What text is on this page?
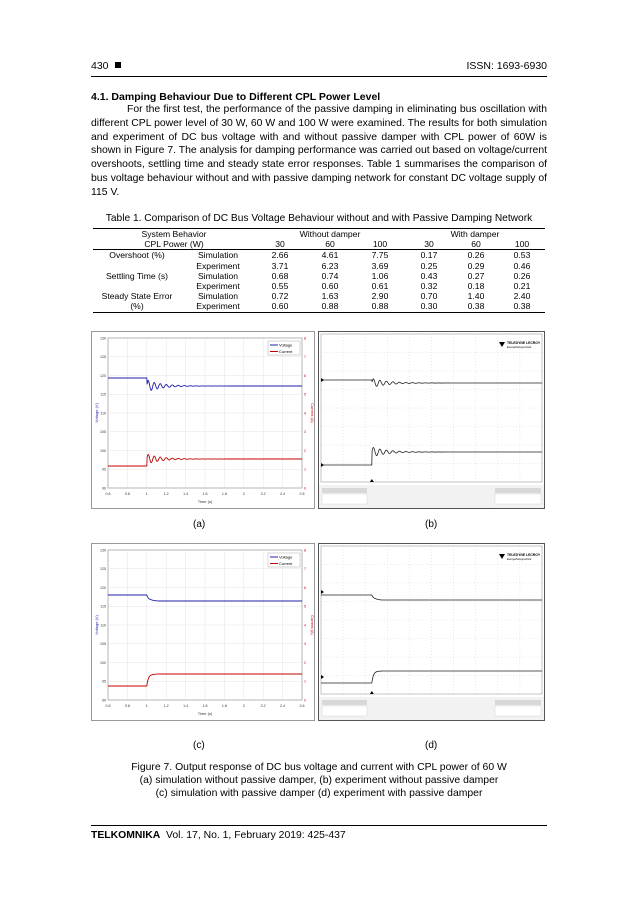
430	ISSN: 1693-6930
4.1. Damping Behaviour Due to Different CPL Power Level
For the first test, the performance of the passive damping in eliminating bus oscillation with different CPL power level of 30 W, 60 W and 100 W were examined. The results for both simulation and experiment of DC bus voltage with and without passive damper with CPL power of 60W is shown in Figure 7. The analysis for damping performance was carried out based on voltage/current overshoots, settling time and steady state error responses. Table 1 summarises the comparison of bus voltage behaviour without and with passive damping network for constant DC voltage supply of 115 V.
Table 1. Comparison of DC Bus Voltage Behaviour without and with Passive Damping Network
System Behavior		Without damper			With damper		
CPL Power (W)		30	60	100	30	60	100
Overshoot (%)	Simulation	2.66	4.61	7.75	0.17	0.26	0.53
	Experiment	3.71	6.23	3.69	0.25	0.29	0.46
Settling Time (s)	Simulation	0.68	0.74	1.06	0.43	0.27	0.26
	Experiment	0.55	0.60	0.61	0.32	0.18	0.21
Steady State Error	Simulation	0.72	1.63	2.90	0.70	1.40	2.40
(%)	Experiment	0.60	0.88	0.88	0.30	0.38	0.38
0.6	0.8	1	1.2	1.4	1.6	1.8	2	2.2	2.4	2.6
90	0
95	1
100	2
105	3
110	4
115	5
120	6
125	7
130	8
Time (s)
Voltage (V)	Current (A)
Voltage
Current
TELEDYNE LECROY
Everywhereyoulook
0.6	0.8	1	1.2	1.4	1.6	1.8	2	2.2	2.4	2.6
90	0
95	1
100	2
105	3
110	4
115	5
120	6
125	7
130	8
Time (s)
Voltage (V)	Current (A)
Voltage
Current
TELEDYNE LECROY
Everywhereyoulook
(a)	(b)
(c)	(d)
Figure 7. Output response of DC bus voltage and current with CPL power of 60 W
(a) simulation without passive damper, (b) experiment without passive damper
(c) simulation with passive damper (d) experiment with passive damper
TELKOMNIKA Vol. 17, No. 1, February 2019: 425-437
